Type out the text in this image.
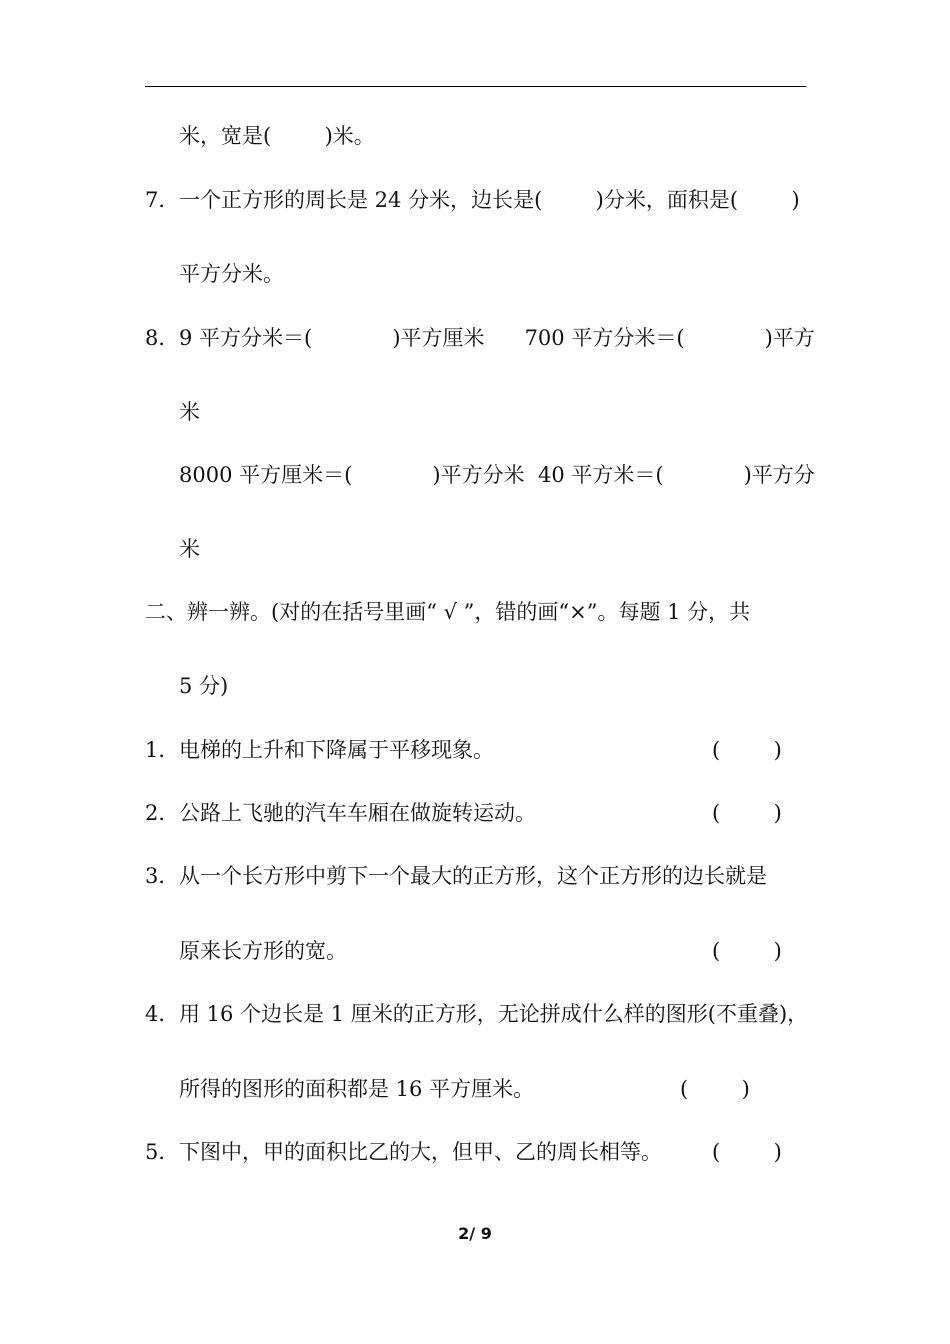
米，宽是(        )米。
7． 一个正方形的周长是 24 分米，边长是(        )分米，面积是(        )
平方分米。
8． 9 平方分米＝(            )平方厘米      700 平方分米＝(            )平方
米
8000 平方厘米＝(            )平方分米  40 平方米＝(            )平方分
米
二、辨一辨。(对的在括号里画“ √ ”，错的画“×”。每题 1 分，共
5 分)
1． 电梯的上升和下降属于平移现象。	(        )
2． 公路上飞驰的汽车车厢在做旋转运动。	(        )
3． 从一个长方形中剪下一个最大的正方形，这个正方形的边长就是
原来长方形的宽。	(        )
4． 用 16 个边长是 1 厘米的正方形，无论拼成什么样的图形(不重叠)，
所得的图形的面积都是 16 平方厘米。	(        )
5． 下图中，甲的面积比乙的大，但甲、乙的周长相等。 (        )
2/ 9
